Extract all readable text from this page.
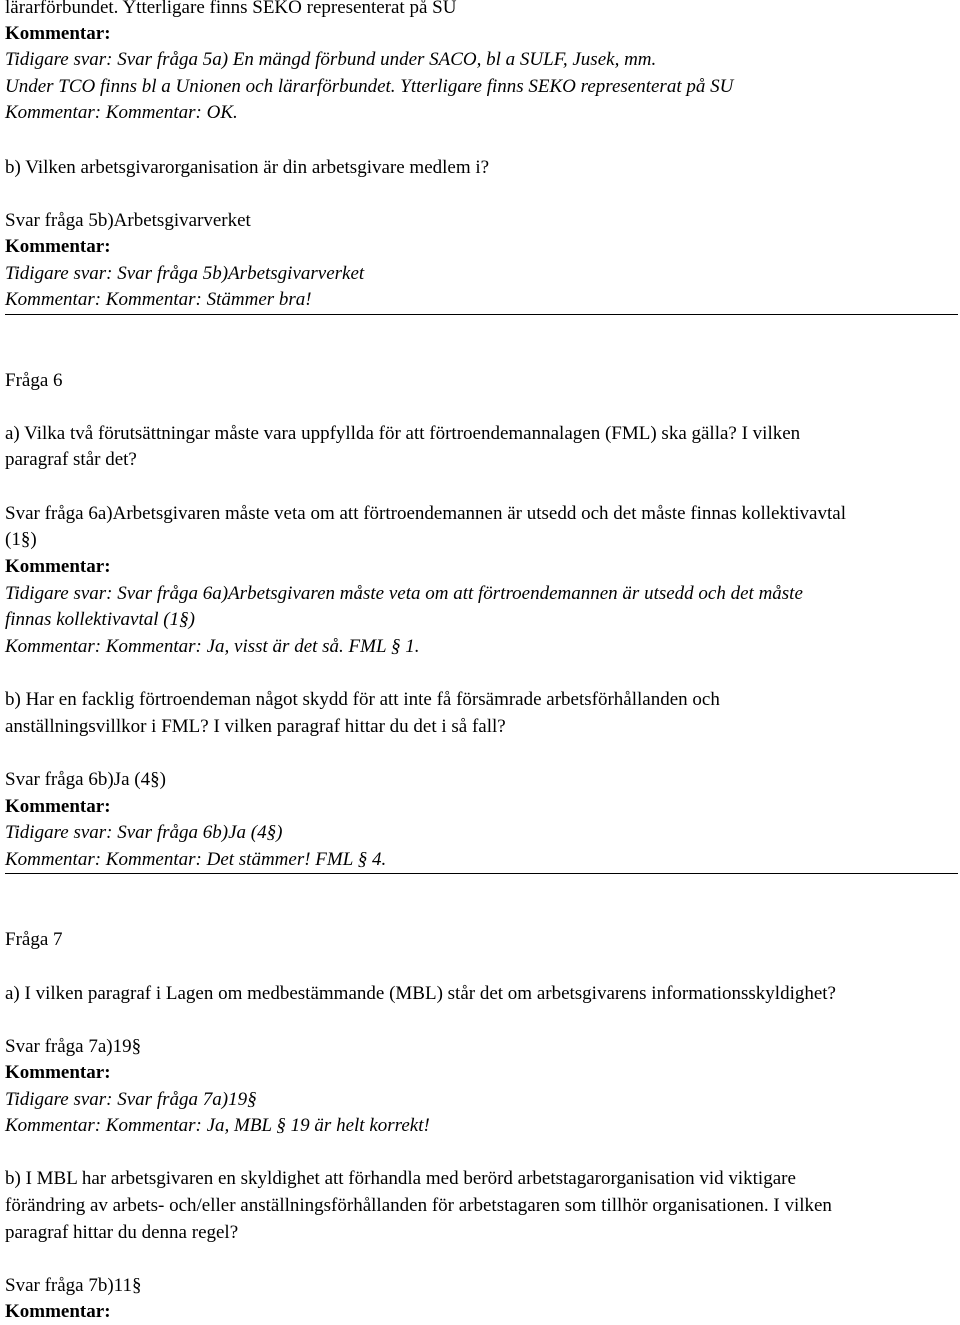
lärarförbundet. Ytterligare finns SEKO representerat på SU
Kommentar:
Tidigare svar: Svar fråga 5a) En mängd förbund under SACO, bl a SULF, Jusek, mm.
Under TCO finns bl a Unionen och lärarförbundet. Ytterligare finns SEKO representerat på SU
Kommentar: Kommentar: OK.
b) Vilken arbetsgivarorganisation är din arbetsgivare medlem i?
Svar fråga 5b)Arbetsgivarverket
Kommentar:
Tidigare svar: Svar fråga 5b)Arbetsgivarverket
Kommentar: Kommentar: Stämmer bra!
Fråga 6
a) Vilka två förutsättningar måste vara uppfyllda för att förtroendemannalagen (FML) ska gälla? I vilken
paragraf står det?
Svar fråga 6a)Arbetsgivaren måste veta om att förtroendemannen är utsedd och det måste finnas kollektivavtal
(1§)
Kommentar:
Tidigare svar: Svar fråga 6a)Arbetsgivaren måste veta om att förtroendemannen är utsedd och det måste
finnas kollektivavtal (1§)
Kommentar: Kommentar: Ja, visst är det så. FML § 1.
b) Har en facklig förtroendeman något skydd för att inte få försämrade arbetsförhållanden och
anställningsvillkor i FML? I vilken paragraf hittar du det i så fall?
Svar fråga 6b)Ja (4§)
Kommentar:
Tidigare svar: Svar fråga 6b)Ja (4§)
Kommentar: Kommentar: Det stämmer! FML § 4.
Fråga 7
a) I vilken paragraf i Lagen om medbestämmande (MBL) står det om arbetsgivarens informationsskyldighet?
Svar fråga 7a)19§
Kommentar:
Tidigare svar: Svar fråga 7a)19§
Kommentar: Kommentar: Ja, MBL § 19 är helt korrekt!
b) I MBL har arbetsgivaren en skyldighet att förhandla med berörd arbetstagarorganisation vid viktigare
förändring av arbets- och/eller anställningsförhållanden för arbetstagaren som tillhör organisationen. I vilken
paragraf hittar du denna regel?
Svar fråga 7b)11§
Kommentar:
